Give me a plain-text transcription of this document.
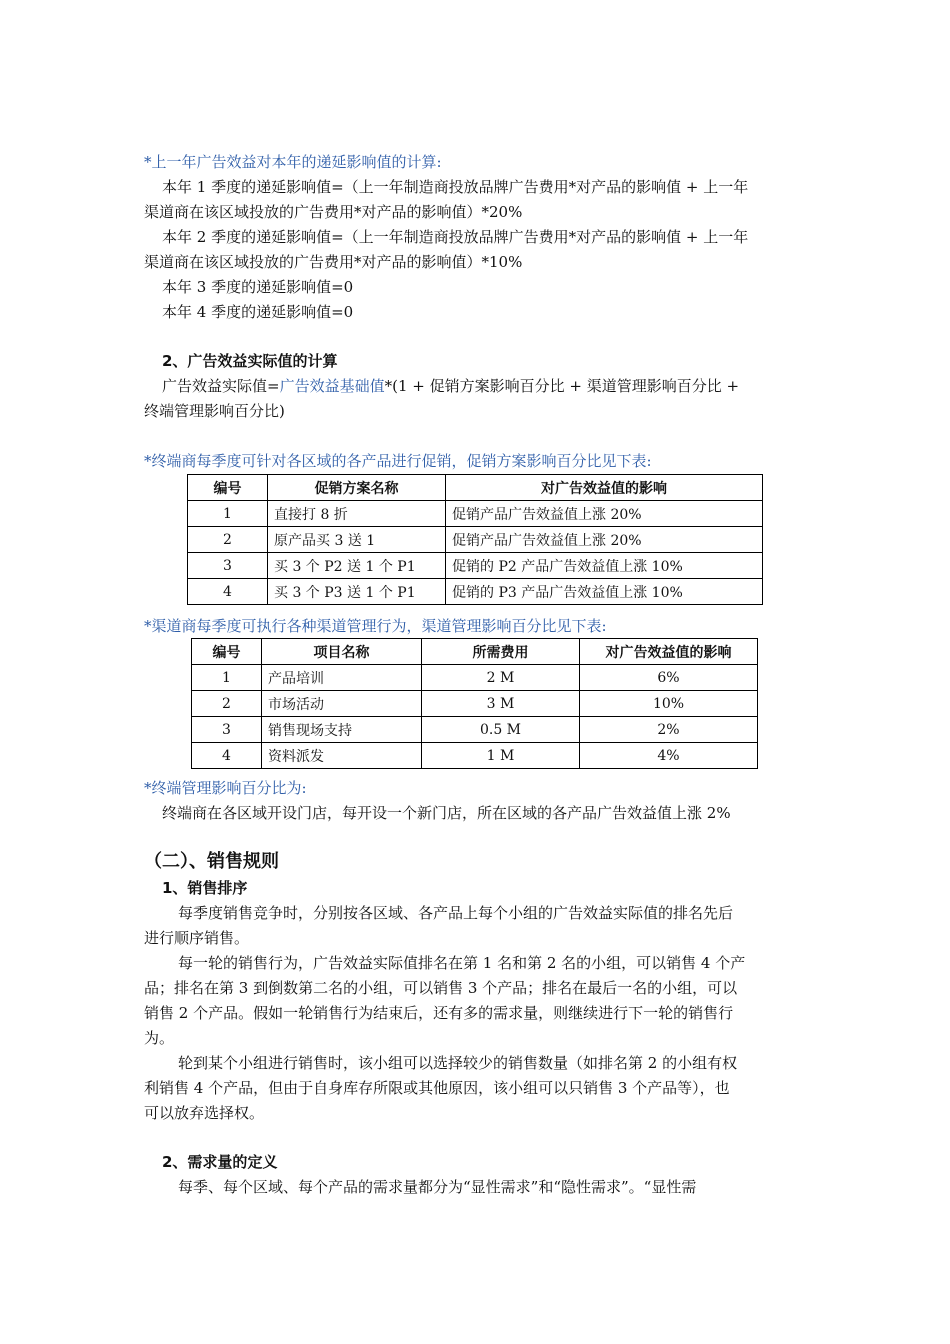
*上一年广告效益对本年的递延影响值的计算:
本年 1 季度的递延影响值=（上一年制造商投放品牌广告费用*对产品的影响值 + 上一年
渠道商在该区域投放的广告费用*对产品的影响值）*20%
本年 2 季度的递延影响值=（上一年制造商投放品牌广告费用*对产品的影响值 + 上一年
渠道商在该区域投放的广告费用*对产品的影响值）*10%
本年 3 季度的递延影响值=0
本年 4 季度的递延影响值=0
2、广告效益实际值的计算
广告效益实际值=广告效益基础值*(1 + 促销方案影响百分比 + 渠道管理影响百分比 +
终端管理影响百分比)
*终端商每季度可针对各区域的各产品进行促销，促销方案影响百分比见下表:
编号	促销方案名称	对广告效益值的影响
1	直接打 8 折	促销产品广告效益值上涨 20%
2	原产品买 3 送 1	促销产品广告效益值上涨 20%
3	买 3 个 P2 送 1 个 P1	促销的 P2 产品广告效益值上涨 10%
4	买 3 个 P3 送 1 个 P1	促销的 P3 产品广告效益值上涨 10%
*渠道商每季度可执行各种渠道管理行为，渠道管理影响百分比见下表:
编号	项目名称	所需费用	对广告效益值的影响
1	产品培训	2 M	6%
2	市场活动	3 M	10%
3	销售现场支持	0.5 M	2%
4	资料派发	1 M	4%
*终端管理影响百分比为:
终端商在各区域开设门店，每开设一个新门店，所在区域的各产品广告效益值上涨 2%
（二）、销售规则
1、销售排序
每季度销售竞争时，分别按各区域、各产品上每个小组的广告效益实际值的排名先后
进行顺序销售。
每一轮的销售行为，广告效益实际值排名在第 1 名和第 2 名的小组，可以销售 4 个产
品；排名在第 3 到倒数第二名的小组，可以销售 3 个产品；排名在最后一名的小组，可以
销售 2 个产品。假如一轮销售行为结束后，还有多的需求量，则继续进行下一轮的销售行
为。
轮到某个小组进行销售时，该小组可以选择较少的销售数量（如排名第 2 的小组有权
利销售 4 个产品，但由于自身库存所限或其他原因，该小组可以只销售 3 个产品等），也
可以放弃选择权。
2、需求量的定义
每季、每个区域、每个产品的需求量都分为“显性需求”和“隐性需求”。“显性需
